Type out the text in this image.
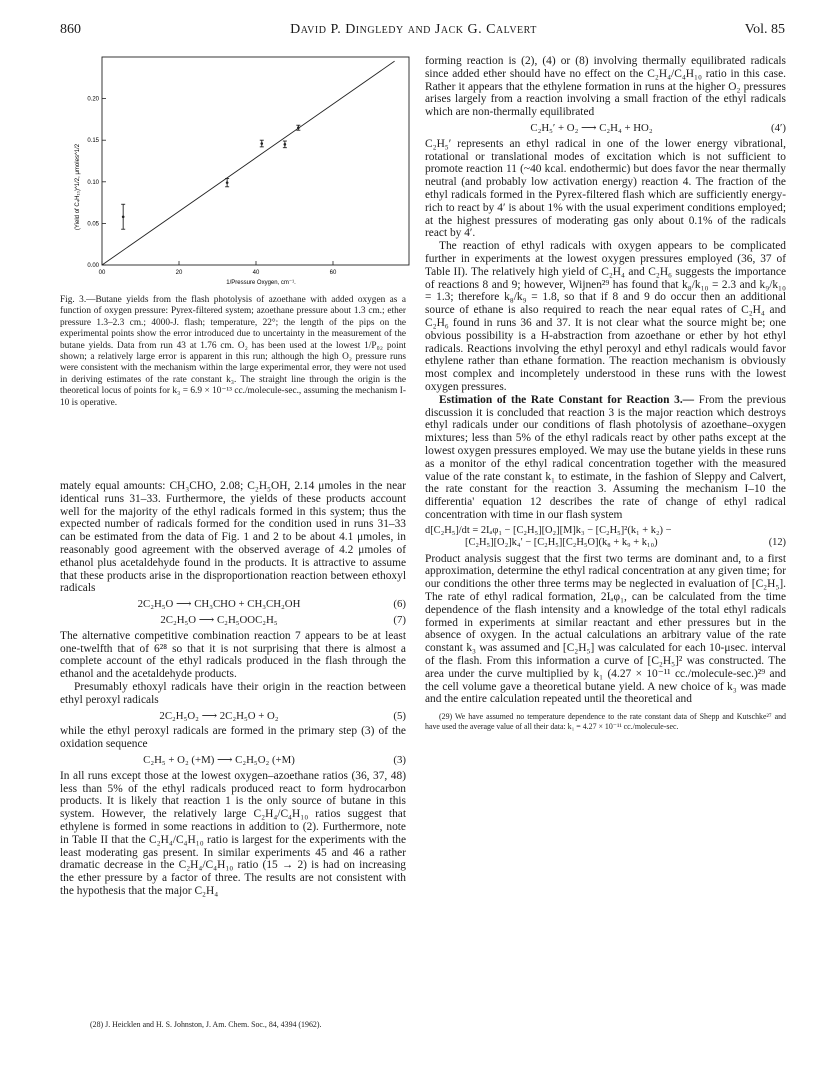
860	David P. Dingledy and Jack G. Calvert	Vol. 85
00	20	40	60
0.00
0.05
0.10
0.15
0.20
1/Pressure Oxygen, cm⁻¹.
(Yield of C₄H₁₀)^1/2, μmoles^1/2
Fig. 3.—Butane yields from the flash photolysis of azoethane with added oxygen as a function of oxygen pressure: Pyrex-filtered system; azoethane pressure about 1.3 cm.; ether pressure 1.3–2.3 cm.; 4000-J. flash; temperature, 22°; the length of the pips on the experimental points show the error introduced due to uncertainty in the measurement of the butane yields. Data from run 43 at 1.76 cm. O₂ has been used at the lowest 1/P₀₂ point shown; a relatively large error is apparent in this run; although the high O₂ pressure runs were consistent with the mechanism within the large experimental error, they were not used in deriving estimates of the rate constant k₃. The straight line through the origin is the theoretical locus of points for k₃ = 6.9 × 10⁻¹³ cc./molecule-sec., assuming the mechanism I-10 is operative.

mately equal amounts: CH₃CHO, 2.08; C₂H₅OH, 2.14 μmoles in the near identical runs 31–33. Furthermore, the yields of these products account well for the majority of the ethyl radicals formed in this system; thus the expected number of radicals formed for the condition used in runs 31–33 can be estimated from the data of Fig. 1 and 2 to be about 4.1 μmoles, in reasonably good agreement with the observed average of 4.2 μmoles of ethanol plus acetaldehyde found in the products. It is attractive to assume that these products arise in the disproportionation reaction between ethoxyl radicals

2C₂H₅O ⟶ CH₃CHO + CH₃CH₂OH	(6)
2C₂H₅O ⟶ C₂H₅OOC₂H₅	(7)

The alternative competitive combination reaction 7 appears to be at least one-twelfth that of 6²⁸ so that it is not surprising that there is almost a complete account of the ethyl radicals produced in the flash through the ethanol and the acetaldehyde products.

Presumably ethoxyl radicals have their origin in the reaction between ethyl peroxyl radicals

2C₂H₅O₂ ⟶ 2C₂H₅O + O₂	(5)

while the ethyl peroxyl radicals are formed in the primary step (3) of the oxidation sequence

C₂H₅ + O₂ (+M) ⟶ C₂H₅O₂ (+M)	(3)

In all runs except those at the lowest oxygen–azoethane ratios (36, 37, 48) less than 5% of the ethyl radicals produced react to form hydrocarbon products. It is likely that reaction 1 is the only source of butane in this system. However, the relatively large C₂H₄/C₄H₁₀ ratios suggest that ethylene is formed in some reactions in addition to (2). Furthermore, note in Table II that the C₂H₄/C₄H₁₀ ratio is largest for the experiments with the least moderating gas present. In similar experiments 45 and 46 a rather dramatic decrease in the C₂H₄/C₄H₁₀ ratio (15 → 2) is had on increasing the ether pressure by a factor of three. The results are not consistent with the hypothesis that the major C₂H₄

(28) J. Heicklen and H. S. Johnston, J. Am. Chem. Soc., 84, 4394 (1962).

forming reaction is (2), (4) or (8) involving thermally equilibrated radicals since added ether should have no effect on the C₂H₄/C₄H₁₀ ratio in this case. Rather it appears that the ethylene formation in runs at the higher O₂ pressures arises largely from a reaction involving a small fraction of the ethyl radicals which are non-thermally equilibrated

C₂H₅′ + O₂ ⟶ C₂H₄ + HO₂	(4′)

C₂H₅′ represents an ethyl radical in one of the lower energy vibrational, rotational or translational modes of excitation which is not sufficient to promote reaction 11 (~40 kcal. endothermic) but does favor the near thermally neutral (and probably low activation energy) reaction 4. The fraction of the ethyl radicals formed in the Pyrex-filtered flash which are sufficiently energy-rich to react by 4′ is about 1% with the usual experiment conditions employed; at the highest pressures of moderating gas only about 0.1% of the radicals react by 4′.

The reaction of ethyl radicals with oxygen appears to be complicated further in experiments at the lowest oxygen pressures employed (36, 37 of Table II). The relatively high yield of C₂H₄ and C₂H₆ suggests the importance of reactions 8 and 9; however, Wijnen²⁹ has found that k₈/k₁₀ = 2.3 and k₉/k₁₀ = 1.3; therefore k₈/k₉ = 1.8, so that if 8 and 9 do occur then an additional source of ethane is also required to reach the near equal rates of C₂H₄ and C₂H₆ found in runs 36 and 37. It is not clear what the source might be; one obvious possibility is a H-abstraction from azoethane or ether by hot ethyl radicals. Reactions involving the ethyl peroxyl and ethyl radicals would favor ethylene rather than ethane formation. The reaction mechanism is obviously most complex and incompletely understood in these runs with the lowest oxygen pressures.

Estimation of the Rate Constant for Reaction 3.— From the previous discussion it is concluded that reaction 3 is the major reaction which destroys ethyl radicals under our conditions of flash photolysis of azoethane–oxygen mixtures; less than 5% of the ethyl radicals react by other paths except at the lowest oxygen pressures employed. We may use the butane yields in these runs as a monitor of the ethyl radical concentration together with the measured value of the rate constant k₁ to estimate, in the fashion of Sleppy and Calvert, the rate constant for the reaction 3. Assuming the mechanism I–10 the differentia' equation 12 describes the rate of change of ethyl radical concentration with time in our flash system

d[C₂H₅]/dt = 2Iₐφ₁ − [C₂H₅][O₂][M]k₃ − [C₂H₅]²(k₁ + k₂) −
[C₂H₅][O₂]k₄′ − [C₂H₅][C₂H₅O](k₈ + k₉ + k₁₀)	(12)

Product analysis suggest that the first two terms are dominant and, to a first approximation, determine the ethyl radical concentration at any given time; for our conditions the other three terms may be neglected in evaluation of [C₂H₅]. The rate of ethyl radical formation, 2Iₐφ₁, can be calculated from the time dependence of the flash intensity and a knowledge of the total ethyl radicals formed in experiments at similar reactant and ether pressures but in the absence of oxygen. In the actual calculations an arbitrary value of the rate constant k₃ was assumed and [C₂H₅] was calculated for each 10-μsec. interval of the flash. From this information a curve of [C₂H₅]² was constructed. The area under the curve multiplied by k₁ (4.27 × 10⁻¹¹ cc./molecule-sec.)²⁹ and the cell volume gave a theoretical butane yield. A new choice of k₃ was made and the entire calculation repeated until the theoretical and

(29) We have assumed no temperature dependence to the rate constant data of Shepp and Kutschke²⁷ and have used the average value of all their data: k₁ = 4.27 × 10⁻¹¹ cc./molecule-sec.
